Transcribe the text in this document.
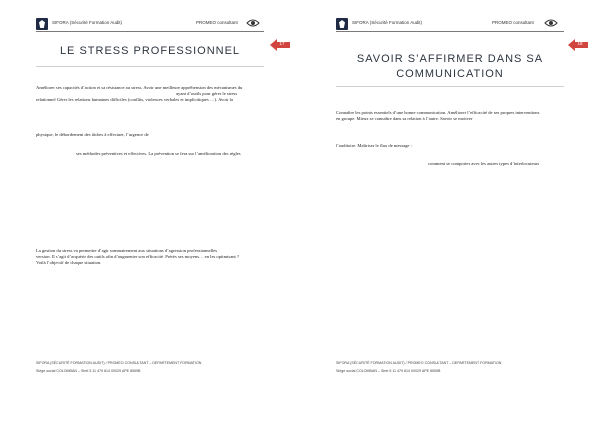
SIFORA (Sécurité Formation Audit)	PROMEO consultant
LE STRESS PROFESSIONNEL
17
Améliorer ses capacités d’action et sa résistance au stress. Avoir une meilleure appréhension des mécanismes du
ayant d’outils pour gérer le stress
relationnel Gérer les relations humaines difficiles (conflits, violences verbales et implicitiques …). Avoir la
physique, le débordement des tâches à effectuer, l’urgence de
ses méthodes préventives et effectives. La prévention se fera sur l’amélioration des règles
La gestion du stress va permettre d’agir sommairement aux situations d’agression professionnelles
version. Il s’agit d’acquérir des outils afin d’augmenter son efficacité. Prérès ses moyens… en les optimisant ?
Voilà l’objectif de chaque situation.
SIFORA (SÉCURITÉ FORMATION AUDIT) / PROMEO CONSULTANT – DEPARTEMENT FORMATION
Siège social COLOMBAN – Siret 5 11 479 814 00029 APE 8559B
SIFORA (Sécurité Formation Audit)	PROMEO consultant
SAVOIR S’AFFIRMER DANS SA
COMMUNICATION
18
Connaître les points essentiels d’une bonne communication. Améliorer l’efficacité de ses propres interventions
en groupe. Mieux se connaître dans sa relation à l’autre. Savoir se motiver
l’auditoire. Maîtriser le flux de message :
comment se comporter avec les autres types d’interlocuteurs
SIFORA (SÉCURITÉ FORMATION AUDIT) / PROMEO CONSULTANT – DEPARTEMENT FORMATION
Siège social COLOMBAN – Siret 5 11 479 814 00029 APE 8559B
